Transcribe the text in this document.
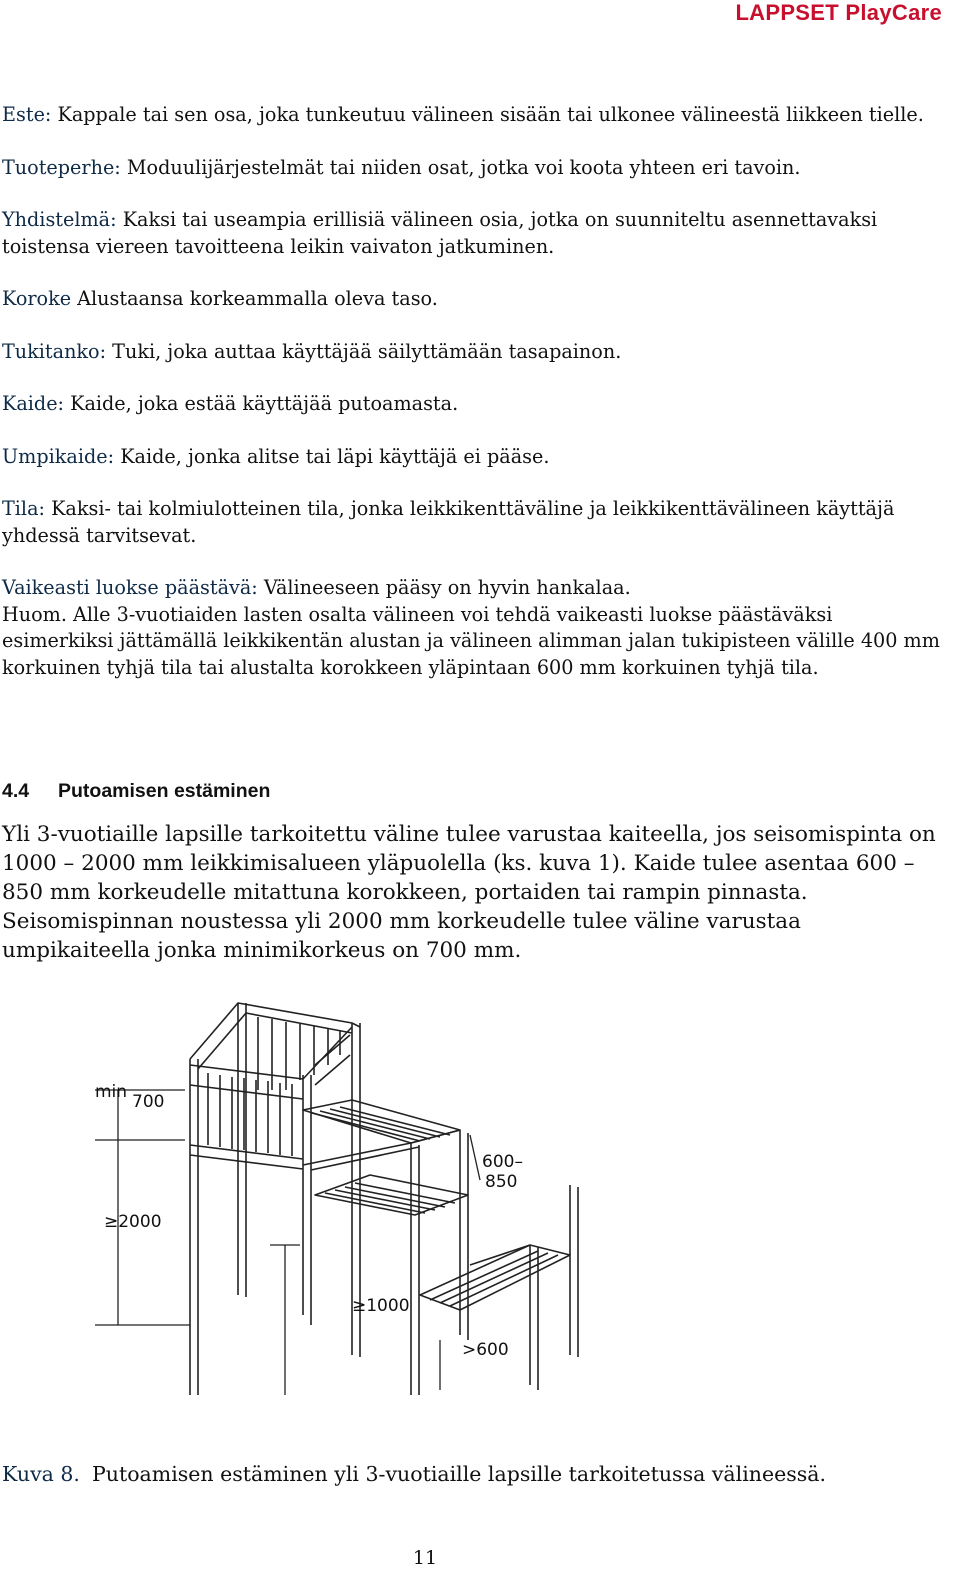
LAPPSET PlayCare

Este: Kappale tai sen osa, joka tunkeutuu välineen sisään tai ulkonee välineestä liikkeen tielle.

Tuoteperhe: Moduulijärjestelmät tai niiden osat, jotka voi koota yhteen eri tavoin.

Yhdistelmä: Kaksi tai useampia erillisiä välineen osia, jotka on suunniteltu asennettavaksi toistensa viereen tavoitteena leikin vaivaton jatkuminen.

Koroke Alustaansa korkeammalla oleva taso.

Tukitanko: Tuki, joka auttaa käyttäjää säilyttämään tasapainon.

Kaide: Kaide, joka estää käyttäjää putoamasta.

Umpikaide: Kaide, jonka alitse tai läpi käyttäjä ei pääse.

Tila: Kaksi- tai kolmiulotteinen tila, jonka leikkikenttäväline ja leikkikenttävälineen käyttäjä yhdessä tarvitsevat.

Vaikeasti luokse päästävä: Välineeseen pääsy on hyvin hankalaa.

Huom. Alle 3-vuotiaiden lasten osalta välineen voi tehdä vaikeasti luokse päästäväksi esimerkiksi jättämällä leikkikentän alustan ja välineen alimman jalan tukipisteen välille 400 mm korkuinen tyhjä tila tai alustalta korokkeen yläpintaan 600 mm korkuinen tyhjä tila.

4.4 Putoamisen estäminen

Yli 3-vuotiaille lapsille tarkoitettu väline tulee varustaa kaiteella, jos seisomispinta on 1000 – 2000 mm leikkimisalueen yläpuolella (ks. kuva 1). Kaide tulee asentaa 600 – 850 mm korkeudelle mitattuna korokkeen, portaiden tai rampin pinnasta. Seisomispinnan noustessa yli 2000 mm korkeudelle tulee väline varustaa umpikaiteella jonka minimikorkeus on 700 mm.

min 700
≥2000
600–
850
≥1000
>600
Kuva 8. Putoamisen estäminen yli 3-vuotiaille lapsille tarkoitetussa välineessä.
11
